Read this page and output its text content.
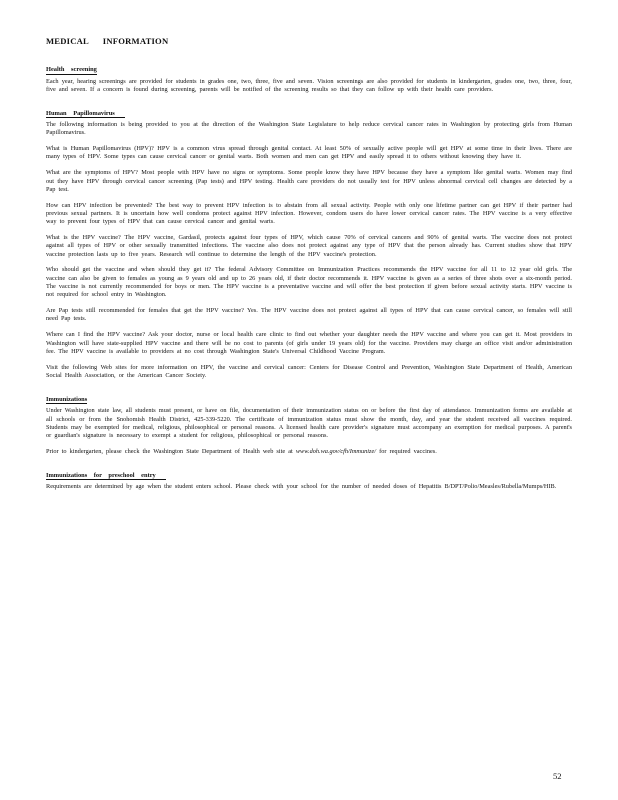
MEDICAL INFORMATION
Health screening

Each year, hearing screenings are provided for students in grades one, two, three, five and seven. Vision screenings are also provided for students in kindergarten, grades one, two, three, four, five and seven. If a concern is found during screening, parents will be notified of the screening results so that they can follow up with their health care providers.

Human Papillomavirus

The following information is being provided to you at the direction of the Washington State Legislature to help reduce cervical cancer rates in Washington by protecting girls from Human Papillomavirus.

What is Human Papillomavirus (HPV)? HPV is a common virus spread through genital contact. At least 50% of sexually active people will get HPV at some time in their lives. There are many types of HPV. Some types can cause cervical cancer or genital warts. Both women and men can get HPV and easily spread it to others without knowing they have it.

What are the symptoms of HPV? Most people with HPV have no signs or symptoms. Some people know they have HPV because they have a symptom like genital warts. Women may find out they have HPV through cervical cancer screening (Pap tests) and HPV testing. Health care providers do not usually test for HPV unless abnormal cervical cell changes are detected by a Pap test.

How can HPV infection be prevented? The best way to prevent HPV infection is to abstain from all sexual activity. People with only one lifetime partner can get HPV if their partner had previous sexual partners. It is uncertain how well condoms protect against HPV infection. However, condom users do have lower cervical cancer rates. The HPV vaccine is a very effective way to prevent four types of HPV that can cause cervical cancer and genital warts.

What is the HPV vaccine? The HPV vaccine, Gardasil, protects against four types of HPV, which cause 70% of cervical cancers and 90% of genital warts. The vaccine does not protect against all types of HPV or other sexually transmitted infections. The vaccine also does not protect against any type of HPV that the person already has. Current studies show that HPV vaccine protection lasts up to five years. Research will continue to determine the length of the HPV vaccine's protection.

Who should get the vaccine and when should they get it? The federal Advisory Committee on Immunization Practices recommends the HPV vaccine for all 11 to 12 year old girls. The vaccine can also be given to females as young as 9 years old and up to 26 years old, if their doctor recommends it. HPV vaccine is given as a series of three shots over a six-month period. The vaccine is not currently recommended for boys or men. The HPV vaccine is a preventative vaccine and will offer the best protection if given before sexual activity starts. HPV vaccine is not required for school entry in Washington.

Are Pap tests still recommended for females that get the HPV vaccine? Yes. The HPV vaccine does not protect against all types of HPV that can cause cervical cancer, so females will still need Pap tests.

Where can I find the HPV vaccine? Ask your doctor, nurse or local health care clinic to find out whether your daughter needs the HPV vaccine and where you can get it. Most providers in Washington will have state-supplied HPV vaccine and there will be no cost to parents (of girls under 19 years old) for the vaccine. Providers may charge an office visit and/or administration fee. The HPV vaccine is available to providers at no cost through Washington State's Universal Childhood Vaccine Program.

Visit the following Web sites for more information on HPV, the vaccine and cervical cancer: Centers for Disease Control and Prevention, Washington State Department of Health, American Social Health Association, or the American Cancer Society.

Immunizations

Under Washington state law, all students must present, or have on file, documentation of their immunization status on or before the first day of attendance. Immunization forms are available at all schools or from the Snohomish Health District, 425-339-5220. The certificate of immunization status must show the month, day, and year the student received all vaccines required. Students may be exempted for medical, religious, philosophical or personal reasons. A licensed health care provider's signature must accompany an exemption for medical purposes. A parent's or guardian's signature is necessary to exempt a student for religious, philosophical or personal reasons.

Prior to kindergarten, please check the Washington State Department of Health web site at www.doh.wa.gov/cfh/Immunize/ for required vaccines.

Immunizations for preschool entry

Requirements are determined by age when the student enters school. Please check with your school for the number of needed doses of Hepatitis B/DPT/Polio/Measles/Rubella/Mumps/HIB.

52
